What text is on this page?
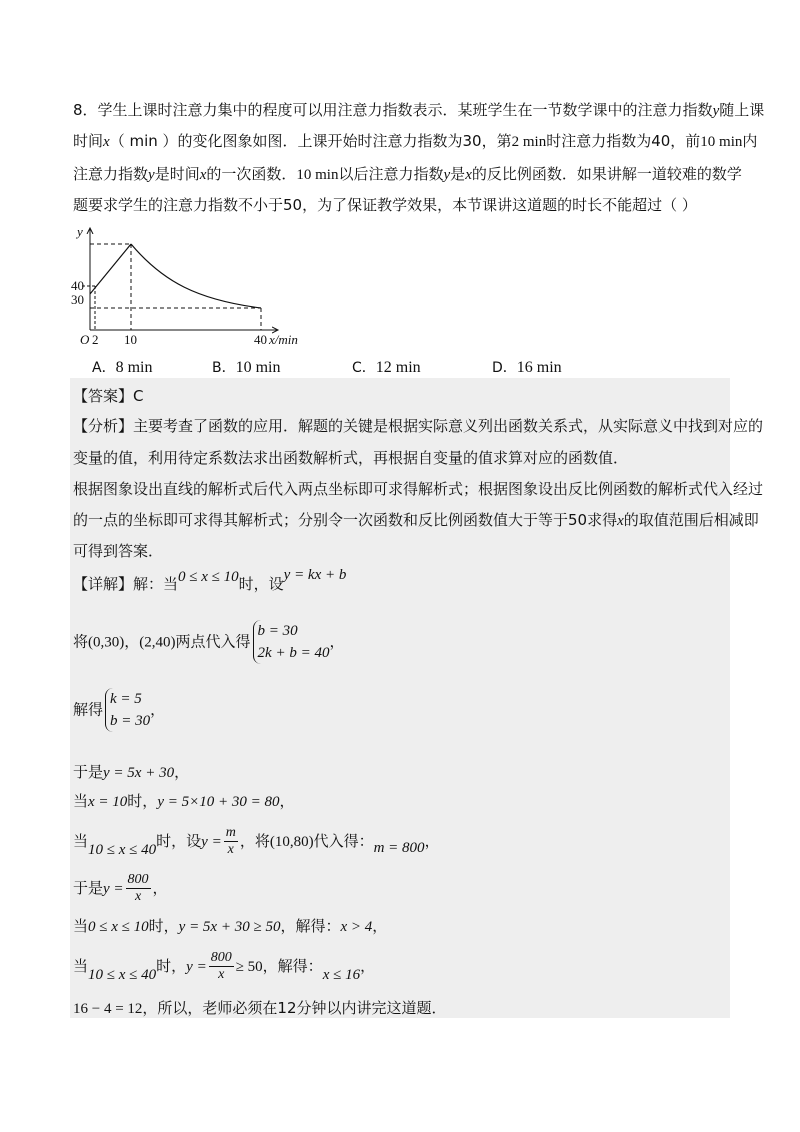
8．学生上课时注意力集中的程度可以用注意力指数表示．某班学生在一节数学课中的注意力指数y随上课
时间x（ min ）的变化图象如图．上课开始时注意力指数为30，第2 min时注意力指数为40，前10 min内
注意力指数y是时间x的一次函数．10 min以后注意力指数y是x的反比例函数．如果讲解一道较难的数学
题要求学生的注意力指数不小于50，为了保证教学效果，本节课讲这道题的时长不能超过（ ）
y
40
30
O 2 10	40 x/min
A．8 min	B．10 min	C．12 min	D．16 min
【答案】C
【分析】主要考查了函数的应用．解题的关键是根据实际意义列出函数关系式，从实际意义中找到对应的
变量的值，利用待定系数法求出函数解析式，再根据自变量的值求算对应的函数值．
根据图象设出直线的解析式后代入两点坐标即可求得解析式；根据图象设出反比例函数的解析式代入经过
的一点的坐标即可求得其解析式；分别令一次函数和反比例函数值大于等于50求得x的取值范围后相减即
可得到答案．
【详解】解：当0 ≤ x ≤ 10时，设y = kx + b
将(0,30)，(2,40)两点代入得
b = 30
2k + b = 40
，
解得
k = 5
b = 30
，
于是y = 5x + 30，
当x = 10时，y = 5×10 + 30 = 80，
当10 ≤ x ≤ 40时，设$y = \frac{m}{x}$ ，将(10,80)代入得：m = 800，
于是$y = \frac{800}{x}$ ，
当0 ≤ x ≤ 10时，y = 5x + 30 ≥ 50，解得：x > 4，
当10 ≤ x ≤ 40时，$y = \frac{800}{x} \ge 50$，解得：x ≤ 16，
16 − 4 = 12，所以，老师必须在12分钟以内讲完这道题．
